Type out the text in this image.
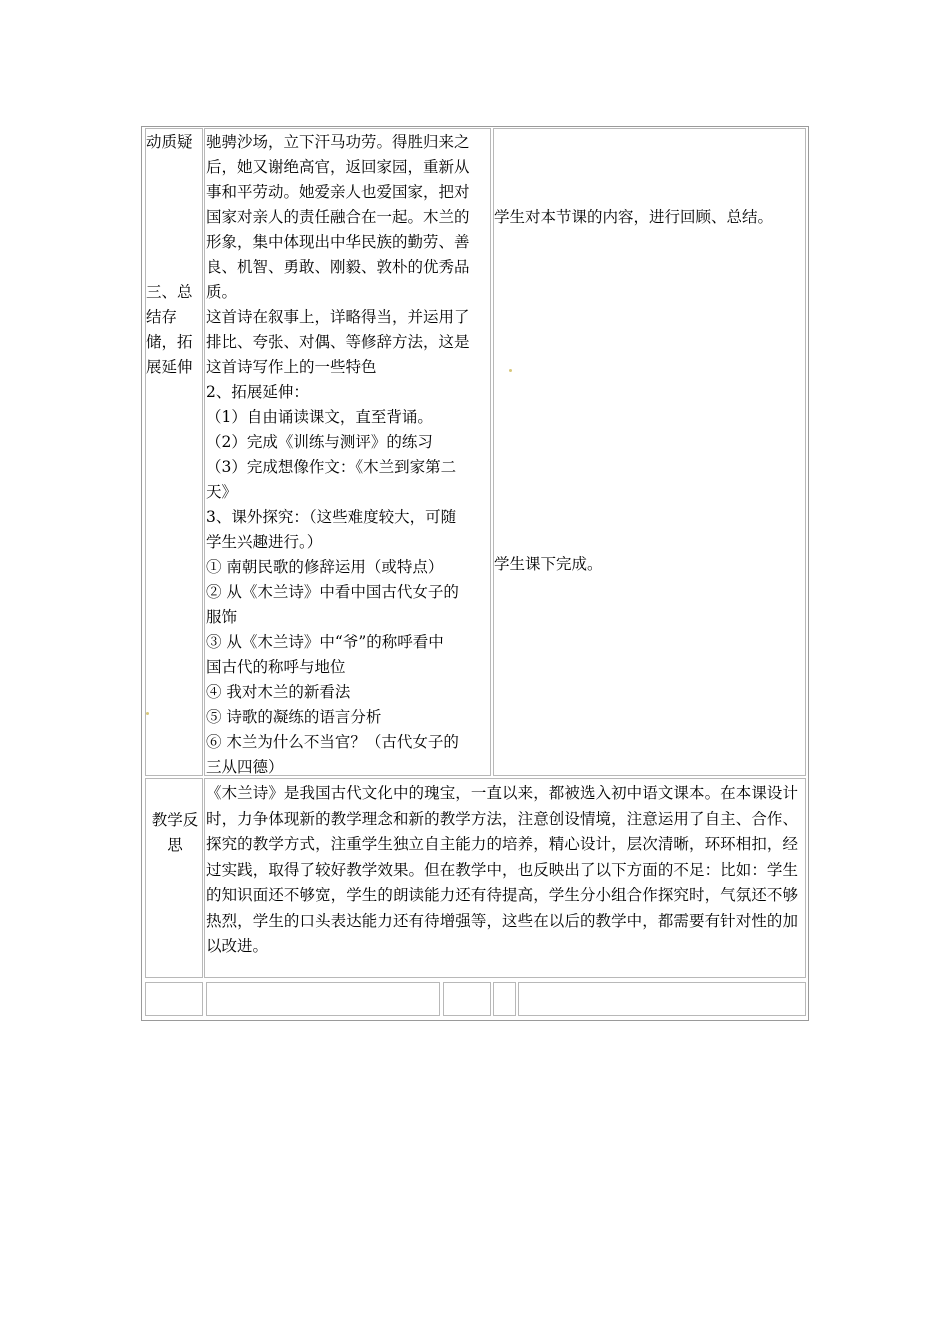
动质疑
三、总
结存
储，拓
展延伸
驰骋沙场，立下汗马功劳。得胜归来之
后，她又谢绝高官，返回家园，重新从
事和平劳动。她爱亲人也爱国家，把对
国家对亲人的责任融合在一起。木兰的
形象，集中体现出中华民族的勤劳、善
良、机智、勇敢、刚毅、敦朴的优秀品
质。
这首诗在叙事上，详略得当，并运用了
排比、夸张、对偶、等修辞方法，这是
这首诗写作上的一些特色
2、拓展延伸：
（1）自由诵读课文，直至背诵。
（2）完成《训练与测评》的练习
（3）完成想像作文：《木兰到家第二
天》
3、课外探究：（这些难度较大，可随
学生兴趣进行。）
① 南朝民歌的修辞运用（或特点）
② 从《木兰诗》中看中国古代女子的
服饰
③ 从《木兰诗》中“爷”的称呼看中
国古代的称呼与地位
④ 我对木兰的新看法
⑤ 诗歌的凝练的语言分析
⑥ 木兰为什么不当官？（古代女子的
三从四德）
学生对本节课的内容，进行回顾、总结。
学生课下完成。
教学反
思
《木兰诗》是我国古代文化中的瑰宝，一直以来，都被选入初中语文课本。在本课设计时，力争体现新的教学理念和新的教学方法，注意创设情境，注意运用了自主、合作、探究的教学方式，注重学生独立自主能力的培养，精心设计，层次清晰，环环相扣，经过实践，取得了较好教学效果。但在教学中，也反映出了以下方面的不足：比如：学生的知识面还不够宽，学生的朗读能力还有待提高，学生分小组合作探究时，气氛还不够热烈，学生的口头表达能力还有待增强等，这些在以后的教学中，都需要有针对性的加以改进。
